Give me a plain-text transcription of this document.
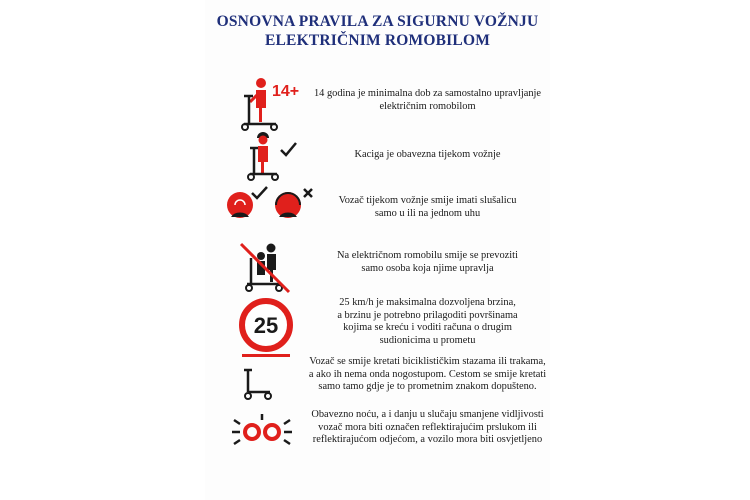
OSNOVNA PRAVILA ZA SIGURNU VOŽNJU
ELEKTRIČNIM ROMOBILOM
14+	14 godina je minimalna dob za samostalno upravljanje
električnim romobilom
Kaciga je obavezna tijekom vožnje
Vozač tijekom vožnje smije imati slušalicu
samo u ili na jednom uhu
Na električnom romobilu smije se prevoziti
samo osoba koja njime upravlja
25
25 km/h je maksimalna dozvoljena brzina,
a brzinu je potrebno prilagoditi površinama
kojima se kreću i voditi računa o drugim
sudionicima u prometu
Vozač se smije kretati biciklističkim stazama ili trakama,
a ako ih nema onda nogostupom. Cestom se smije kretati
samo tamo gdje je to prometnim znakom dopušteno.
Obavezno noću, a i danju u slučaju smanjene vidljivosti
vozač mora biti označen reflektirajućim prslukom ili
reflektirajućom odjećom, a vozilo mora biti osvjetljeno
